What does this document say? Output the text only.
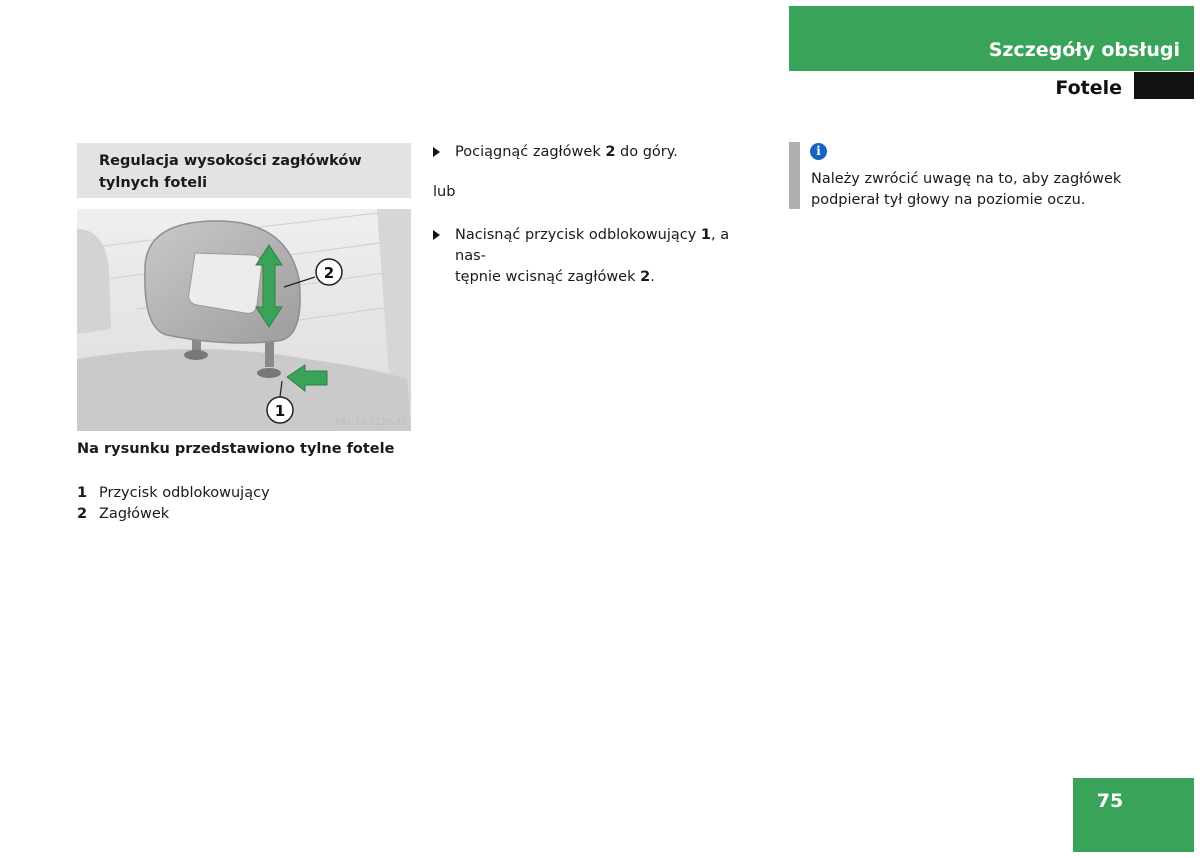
Szczegóły obsługi
Fotele
Regulacja wysokości zagłówków tylnych foteli
2
1
P91.16-2128-31
Na rysunku przedstawiono tylne fotele
1 Przycisk odblokowujący
2 Zagłówek
Pociągnąć zagłówek 2 do góry.
lub
Nacisnąć przycisk odblokowujący 1, a nas-
tępnie wcisnąć zagłówek 2.
i
Należy zwrócić uwagę na to, aby zagłówek
podpierał tył głowy na poziomie oczu.
75
